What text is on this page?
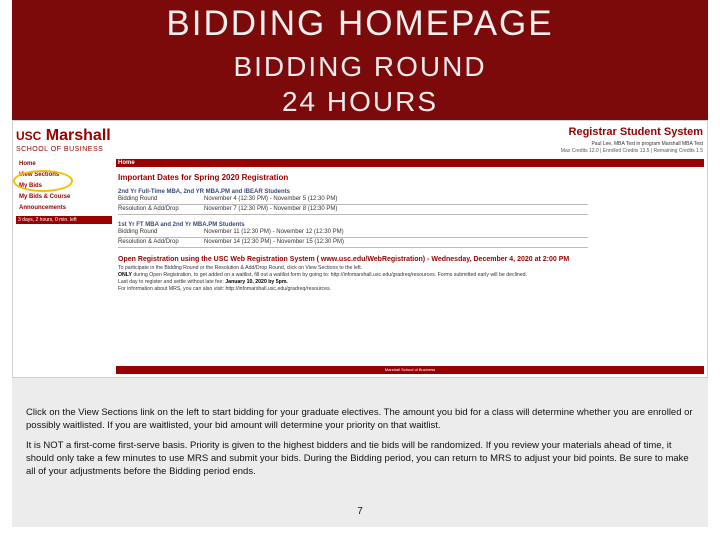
BIDDING HOMEPAGE
BIDDING ROUND
24 HOURS
USC Marshall
SCHOOL OF BUSINESS
Registrar Student System
Paul Lee, MBA Test in program Marshall MBA Test
Max Credits 12.0 | Enrolled Credits 13.5 | Remaining Credits 1.5
Home
View Sections
My Bids
My Bids & Course
Announcements
3 days, 2 hours, 0 min. left
Home
Important Dates for Spring 2020 Registration
2nd Yr Full-Time MBA, 2nd YR MBA.PM and IBEAR Students
Bidding Round	November 4 (12:30 PM) - November 5 (12:30 PM)
Resolution & Add/Drop	November 7 (12:30 PM) - November 8 (12:30 PM)
1st Yr FT MBA and 2nd Yr MBA.PM Students
Bidding Round	November 11 (12:30 PM) - November 12 (12:30 PM)
Resolution & Add/Drop	November 14 (12:30 PM) - November 15 (12:30 PM)
Open Registration using the USC Web Registration System ( www.usc.edu/WebRegistration) - Wednesday, December 4, 2020 at 2:00 PM
To participate in the Bidding Round or the Resolution & Add/Drop Round, click on View Sections to the left.
ONLY during Open Registration, to get added on a waitlist, fill out a waitlist form by going to: http://infomarshall.usc.edu/gradreq/resources. Forms submitted early will be declined.
Last day to register and settle without late fee: January 10, 2020 by 5pm.
For information about MRS, you can also visit: http://infomarshall.usc.edu/gradreq/resources.
Marshall School of Business

Click on the View Sections link on the left to start bidding for your graduate electives. The amount you bid for a class will determine whether you are enrolled or possibly waitlisted. If you are waitlisted, your bid amount will determine your priority on that waitlist.

It is NOT a first-come first-serve basis. Priority is given to the highest bidders and tie bids will be randomized. If you review your materials ahead of time, it should only take a few minutes to use MRS and submit your bids. During the Bidding period, you can return to MRS to adjust your bid points. Be sure to make all of your adjustments before the Bidding period ends.

7
